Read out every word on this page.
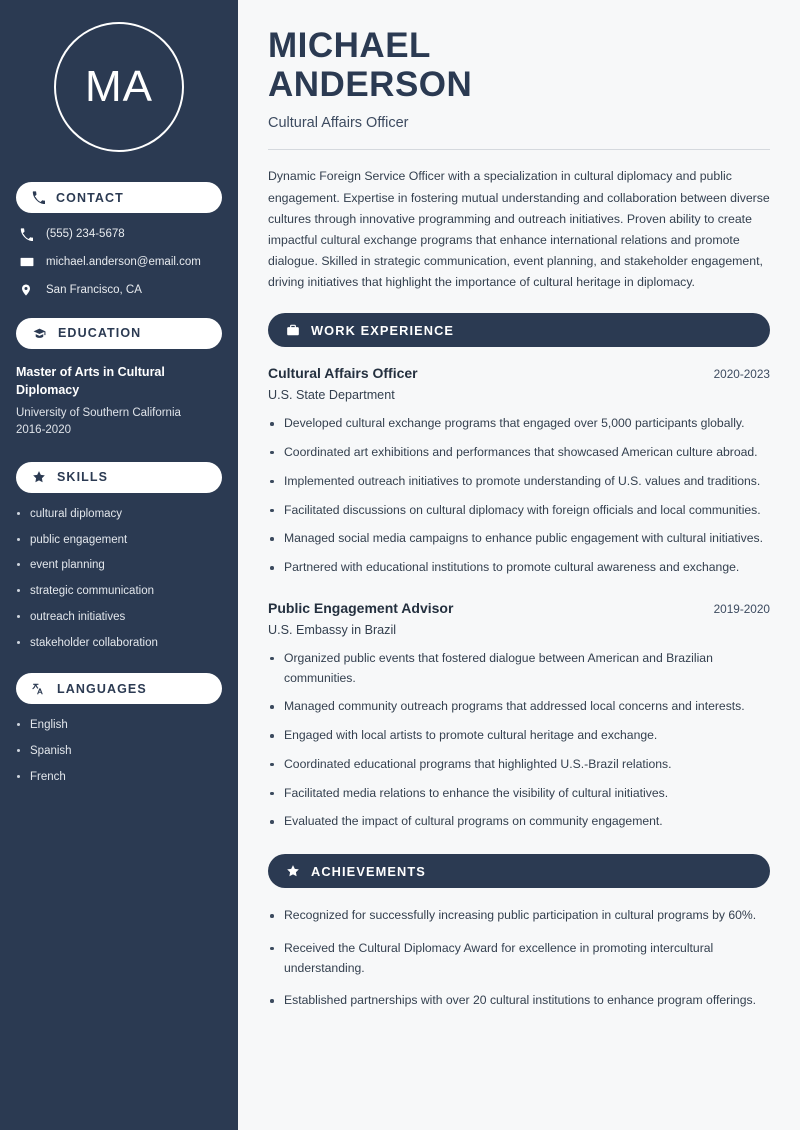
MA
CONTACT
(555) 234-5678
michael.anderson@email.com
San Francisco, CA
EDUCATION
Master of Arts in Cultural Diplomacy
University of Southern California
2016-2020
SKILLS
cultural diplomacy
public engagement
event planning
strategic communication
outreach initiatives
stakeholder collaboration
LANGUAGES
English
Spanish
French
MICHAEL
ANDERSON

Cultural Affairs Officer

Dynamic Foreign Service Officer with a specialization in cultural diplomacy and public engagement. Expertise in fostering mutual understanding and collaboration between diverse cultures through innovative programming and outreach initiatives. Proven ability to create impactful cultural exchange programs that enhance international relations and promote dialogue. Skilled in strategic communication, event planning, and stakeholder engagement, driving initiatives that highlight the importance of cultural heritage in diplomacy.

WORK EXPERIENCE
Cultural Affairs Officer	2020-2023
U.S. State Department
Developed cultural exchange programs that engaged over 5,000 participants globally.
Coordinated art exhibitions and performances that showcased American culture abroad.
Implemented outreach initiatives to promote understanding of U.S. values and traditions.
Facilitated discussions on cultural diplomacy with foreign officials and local communities.
Managed social media campaigns to enhance public engagement with cultural initiatives.
Partnered with educational institutions to promote cultural awareness and exchange.
Public Engagement Advisor	2019-2020
U.S. Embassy in Brazil
Organized public events that fostered dialogue between American and Brazilian communities.
Managed community outreach programs that addressed local concerns and interests.
Engaged with local artists to promote cultural heritage and exchange.
Coordinated educational programs that highlighted U.S.-Brazil relations.
Facilitated media relations to enhance the visibility of cultural initiatives.
Evaluated the impact of cultural programs on community engagement.
ACHIEVEMENTS
Recognized for successfully increasing public participation in cultural programs by 60%.
Received the Cultural Diplomacy Award for excellence in promoting intercultural understanding.
Established partnerships with over 20 cultural institutions to enhance program offerings.
